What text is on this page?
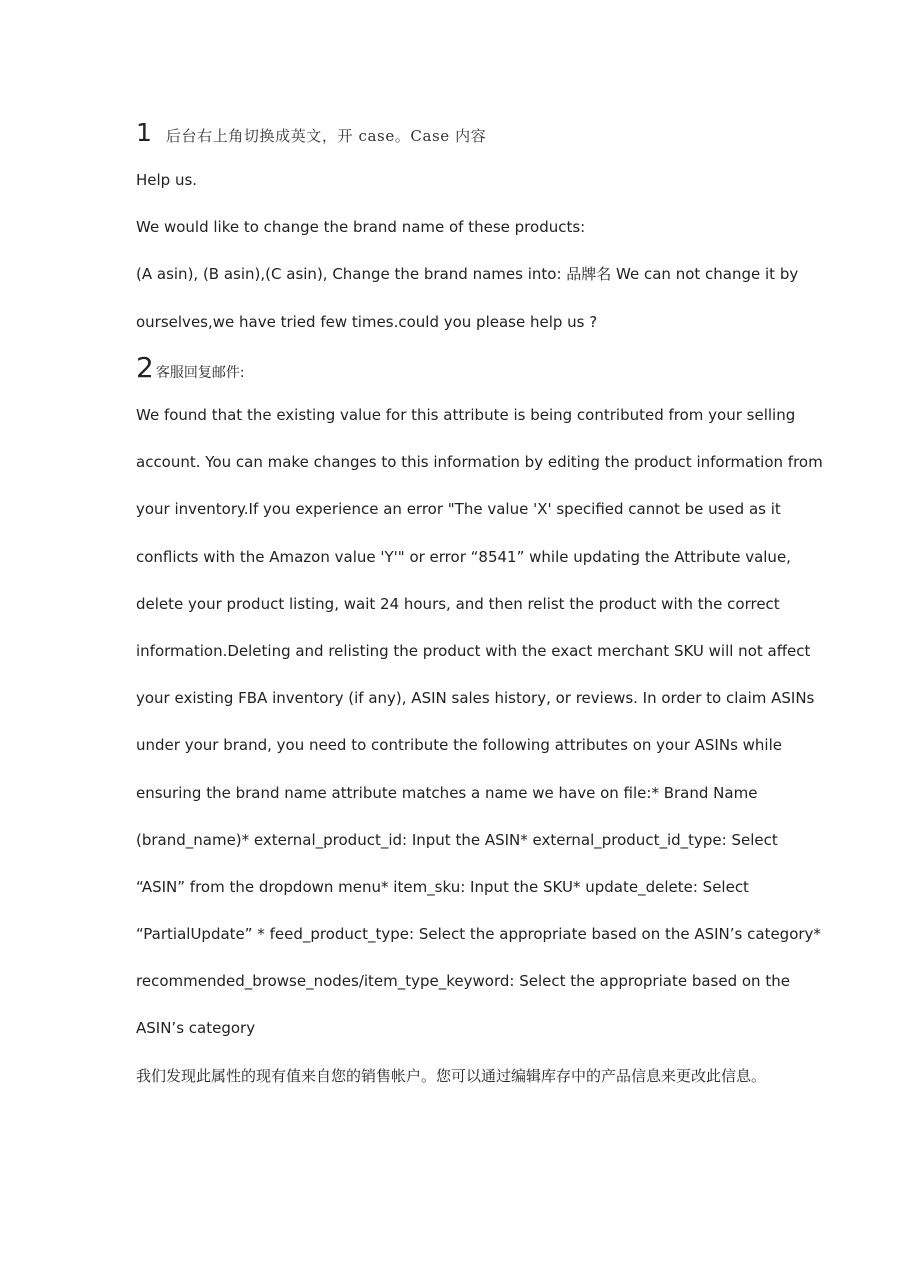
1 后台右上角切换成英文，开 case。Case 内容
Help us.
We would like to change the brand name of these products:
(A asin), (B asin),(C asin), Change the brand names into: 品牌名 We can not change it by
ourselves,we have tried few times.could you please help us ?
2 客服回复邮件:
We found that the existing value for this attribute is being contributed from your selling
account. You can make changes to this information by editing the product information from
your inventory.If you experience an error "The value 'X' specified cannot be used as it
conflicts with the Amazon value 'Y'" or error “8541” while updating the Attribute value,
delete your product listing, wait 24 hours, and then relist the product with the correct
information.Deleting and relisting the product with the exact merchant SKU will not affect
your existing FBA inventory (if any), ASIN sales history, or reviews. In order to claim ASINs
under your brand, you need to contribute the following attributes on your ASINs while
ensuring the brand name attribute matches a name we have on file:* Brand Name
(brand_name)* external_product_id: Input the ASIN* external_product_id_type: Select
“ASIN” from the dropdown menu* item_sku: Input the SKU* update_delete: Select
“PartialUpdate” * feed_product_type: Select the appropriate based on the ASIN’s category*
recommended_browse_nodes/item_type_keyword: Select the appropriate based on the
ASIN’s category
我们发现此属性的现有值来自您的销售帐户。您可以通过编辑库存中的产品信息来更改此信息。
